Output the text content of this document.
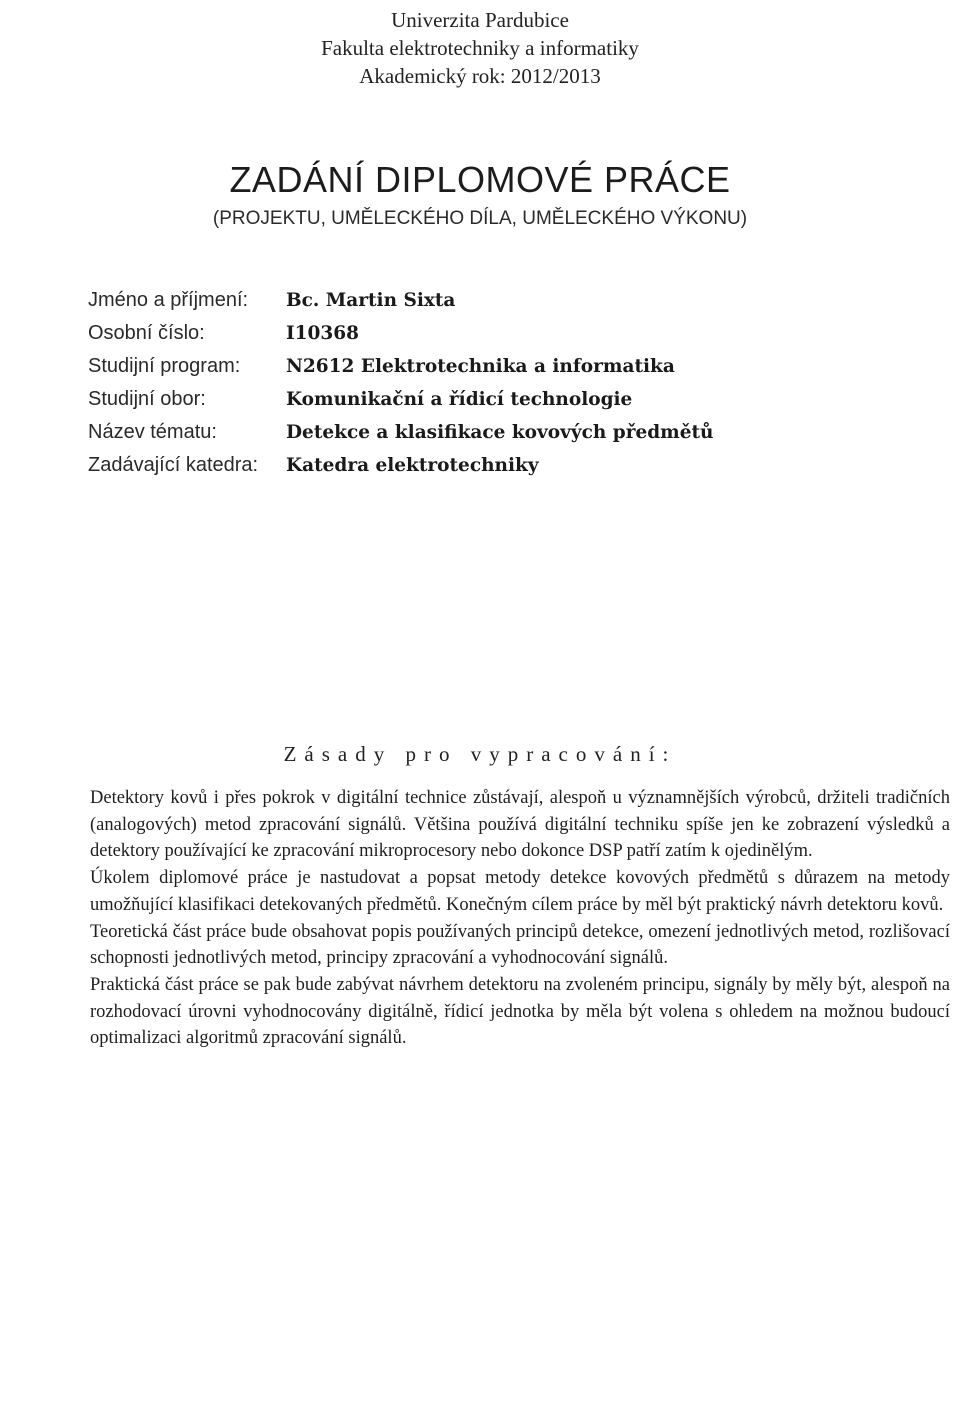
Univerzita Pardubice
Fakulta elektrotechniky a informatiky
Akademický rok: 2012/2013
ZADÁNÍ DIPLOMOVÉ PRÁCE
(PROJEKTU, UMĚLECKÉHO DÍLA, UMĚLECKÉHO VÝKONU)
Jméno a příjmení:	Bc. Martin Sixta
Osobní číslo:	I10368
Studijní program:	N2612 Elektrotechnika a informatika
Studijní obor:	Komunikační a řídicí technologie
Název tématu:	Detekce a klasifikace kovových předmětů
Zadávající katedra:	Katedra elektrotechniky
Zásady pro vypracování:

Detektory kovů i přes pokrok v digitální technice zůstávají, alespoň u významnějších výrobců, držiteli tradičních (analogových) metod zpracování signálů. Většina používá digitální techniku spíše jen ke zobrazení výsledků a detektory používající ke zpracování mikroprocesory nebo dokonce DSP patří zatím k ojedinělým.

Úkolem diplomové práce je nastudovat a popsat metody detekce kovových předmětů s důrazem na metody umožňující klasifikaci detekovaných předmětů. Konečným cílem práce by měl být praktický návrh detektoru kovů.

Teoretická část práce bude obsahovat popis používaných principů detekce, omezení jednotlivých metod, rozlišovací schopnosti jednotlivých metod, principy zpracování a vyhodnocování signálů.

Praktická část práce se pak bude zabývat návrhem detektoru na zvoleném principu, signály by měly být, alespoň na rozhodovací úrovni vyhodnocovány digitálně, řídicí jednotka by měla být volena s ohledem na možnou budoucí optimalizaci algoritmů zpracování signálů.
